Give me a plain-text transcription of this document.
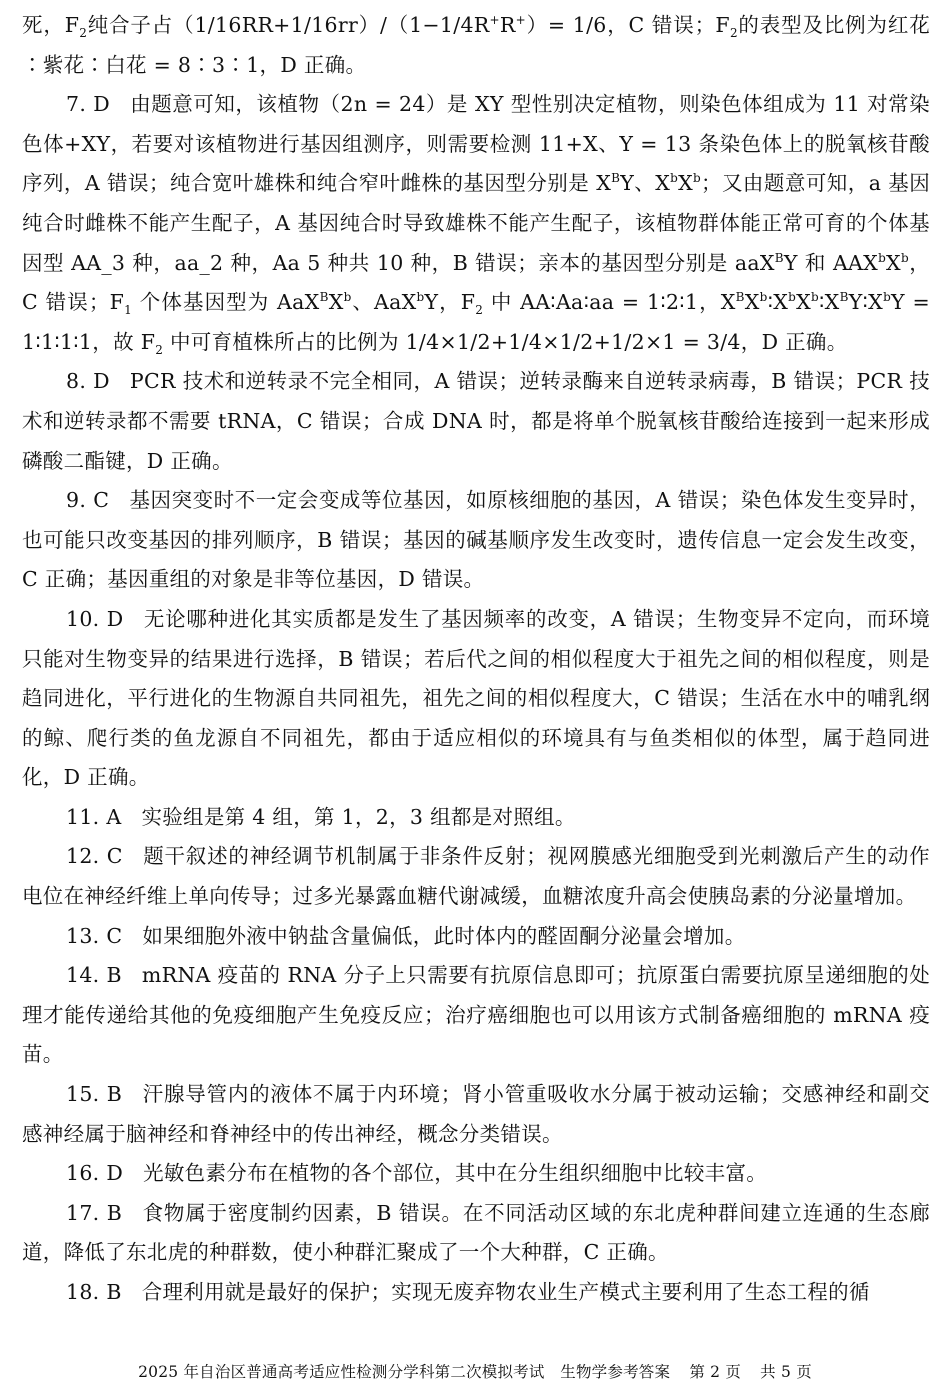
死，$F_2$纯合子占（1/16RR+1/16rr）/（1−1/4R+R+）= 1/6，C 错误；$F_2$的表型及比例为红花∶紫花∶白花 = 8∶3∶1，D 正确。

7. D 由题意可知，该植物（2n = 24）是 XY 型性别决定植物，则染色体组成为 11 对常染色体+XY，若要对该植物进行基因组测序，则需要检测 11+X、Y = 13 条染色体上的脱氧核苷酸序列，A 错误；纯合宽叶雄株和纯合窄叶雌株的基因型分别是 $X^BY$、$X^bX^b$；又由题意可知，a 基因纯合时雌株不能产生配子，A 基因纯合时导致雄株不能产生配子，该植物群体能正常可育的个体基因型 AA_3 种，aa_2 种，Aa 5 种共 10 种，B 错误；亲本的基因型分别是 aaX$^B$Y 和 $AAX^bX^b$，C 错误；$F_1$ 个体基因型为 $AaX^BX^b$、AaX$^b$Y，$F_2$ 中 AA∶Aa∶aa = 1∶2∶1，$X^BX^b∶X^bX^b∶X^BY∶X^bY$ = 1∶1∶1∶1，故 $F_2$ 中可育植株所占的比例为 1/4×1/2+1/4×1/2+1/2×1 = 3/4，D 正确。

8. D PCR 技术和逆转录不完全相同，A 错误；逆转录酶来自逆转录病毒，B 错误；PCR 技术和逆转录都不需要 tRNA，C 错误；合成 DNA 时，都是将单个脱氧核苷酸给连接到一起来形成磷酸二酯键，D 正确。

9. C 基因突变时不一定会变成等位基因，如原核细胞的基因，A 错误；染色体发生变异时，也可能只改变基因的排列顺序，B 错误；基因的碱基顺序发生改变时，遗传信息一定会发生改变，C 正确；基因重组的对象是非等位基因，D 错误。

10. D 无论哪种进化其实质都是发生了基因频率的改变，A 错误；生物变异不定向，而环境只能对生物变异的结果进行选择，B 错误；若后代之间的相似程度大于祖先之间的相似程度，则是趋同进化，平行进化的生物源自共同祖先，祖先之间的相似程度大，C 错误；生活在水中的哺乳纲的鲸、爬行类的鱼龙源自不同祖先，都由于适应相似的环境具有与鱼类相似的体型，属于趋同进化，D 正确。

11. A 实验组是第 4 组，第 1，2，3 组都是对照组。

12. C 题干叙述的神经调节机制属于非条件反射；视网膜感光细胞受到光刺激后产生的动作电位在神经纤维上单向传导；过多光暴露血糖代谢减缓，血糖浓度升高会使胰岛素的分泌量增加。

13. C 如果细胞外液中钠盐含量偏低，此时体内的醛固酮分泌量会增加。

14. B mRNA 疫苗的 RNA 分子上只需要有抗原信息即可；抗原蛋白需要抗原呈递细胞的处理才能传递给其他的免疫细胞产生免疫反应；治疗癌细胞也可以用该方式制备癌细胞的 mRNA 疫苗。

15. B 汗腺导管内的液体不属于内环境；肾小管重吸收水分属于被动运输；交感神经和副交感神经属于脑神经和脊神经中的传出神经，概念分类错误。

16. D 光敏色素分布在植物的各个部位，其中在分生组织细胞中比较丰富。

17. B 食物属于密度制约因素，B 错误。在不同活动区域的东北虎种群间建立连通的生态廊道，降低了东北虎的种群数，使小种群汇聚成了一个大种群，C 正确。

18. B 合理利用就是最好的保护；实现无废弃物农业生产模式主要利用了生态工程的循

2025 年自治区普通高考适应性检测分学科第二次模拟考试　生物学参考答案 第 2 页 共 5 页
